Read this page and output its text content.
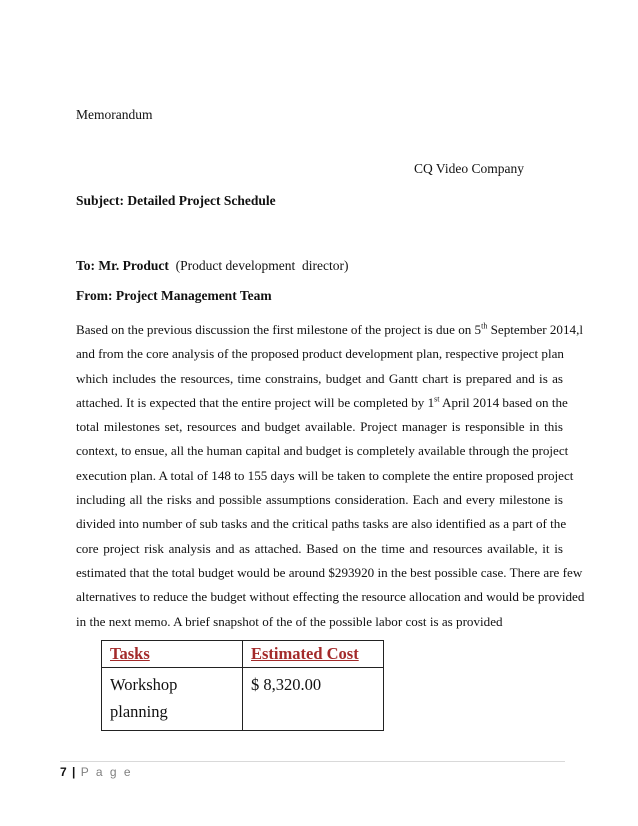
Memorandum
CQ Video Company
Subject: Detailed Project Schedule
To: Mr. Product  (Product development  director)
From: Project Management Team
Based on the previous discussion the first milestone of the project is due on 5th September 2014,l
and from the core analysis of the proposed product development plan, respective project plan
which includes the resources, time constrains, budget and Gantt chart is prepared and is as
attached. It is expected that the entire project will be completed by 1st April 2014 based on the
total milestones set, resources and budget available. Project manager is responsible in this
context, to ensue, all the human capital and budget is completely available through the project
execution plan. A total of 148 to 155 days will be taken to complete the entire proposed project
including all the risks and possible assumptions consideration. Each and every milestone is
divided into number of sub tasks and the critical paths tasks are also identified as a part of the
core project risk analysis and as attached. Based on the time and resources available, it is
estimated that the total budget would be around $293920 in the best possible case. There are few
alternatives to reduce the budget without effecting the resource allocation and would be provided
in the next memo. A brief snapshot of the of the possible labor cost is as provided
Tasks	Estimated Cost

Workshop
planning	$ 8,320.00
7 | P a g e
